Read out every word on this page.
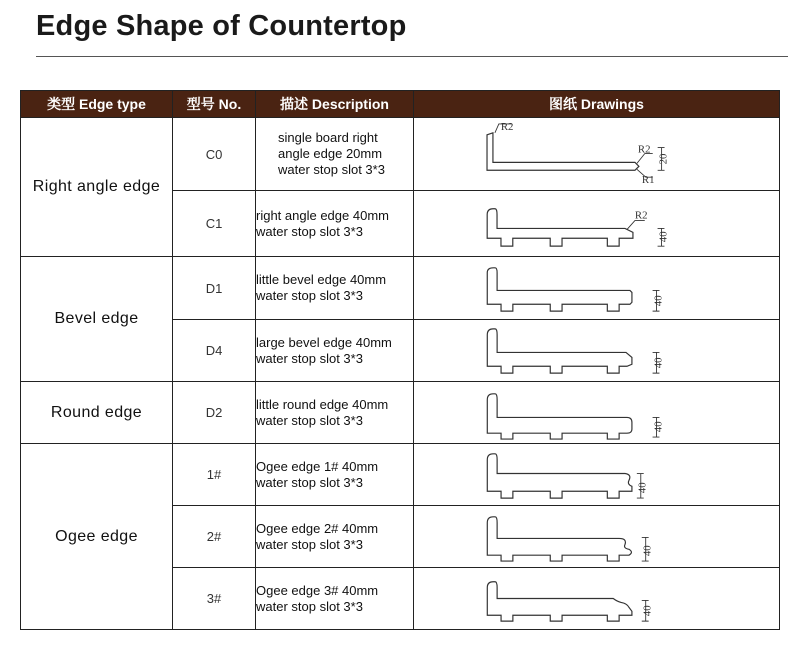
Edge Shape of Countertop
类型 Edge type	型号 No.	描述 Description	图纸 Drawings
Right angle edge	C0	single board right
angle edge 20mm
water stop slot 3*3	R2
R2
R1
20

	C1	right angle edge 40mm
water stop slot 3*3	R2
40

Bevel edge	D1	little bevel edge 40mm
water stop slot 3*3	40

	D4	large bevel edge 40mm
water stop slot 3*3	40

Round edge	D2	little round edge 40mm
water stop slot 3*3	40

Ogee edge	1#	Ogee edge 1# 40mm
water stop slot 3*3	40

	2#	Ogee edge 2# 40mm
water stop slot 3*3	40

	3#	Ogee edge 3# 40mm
water stop slot 3*3	40
